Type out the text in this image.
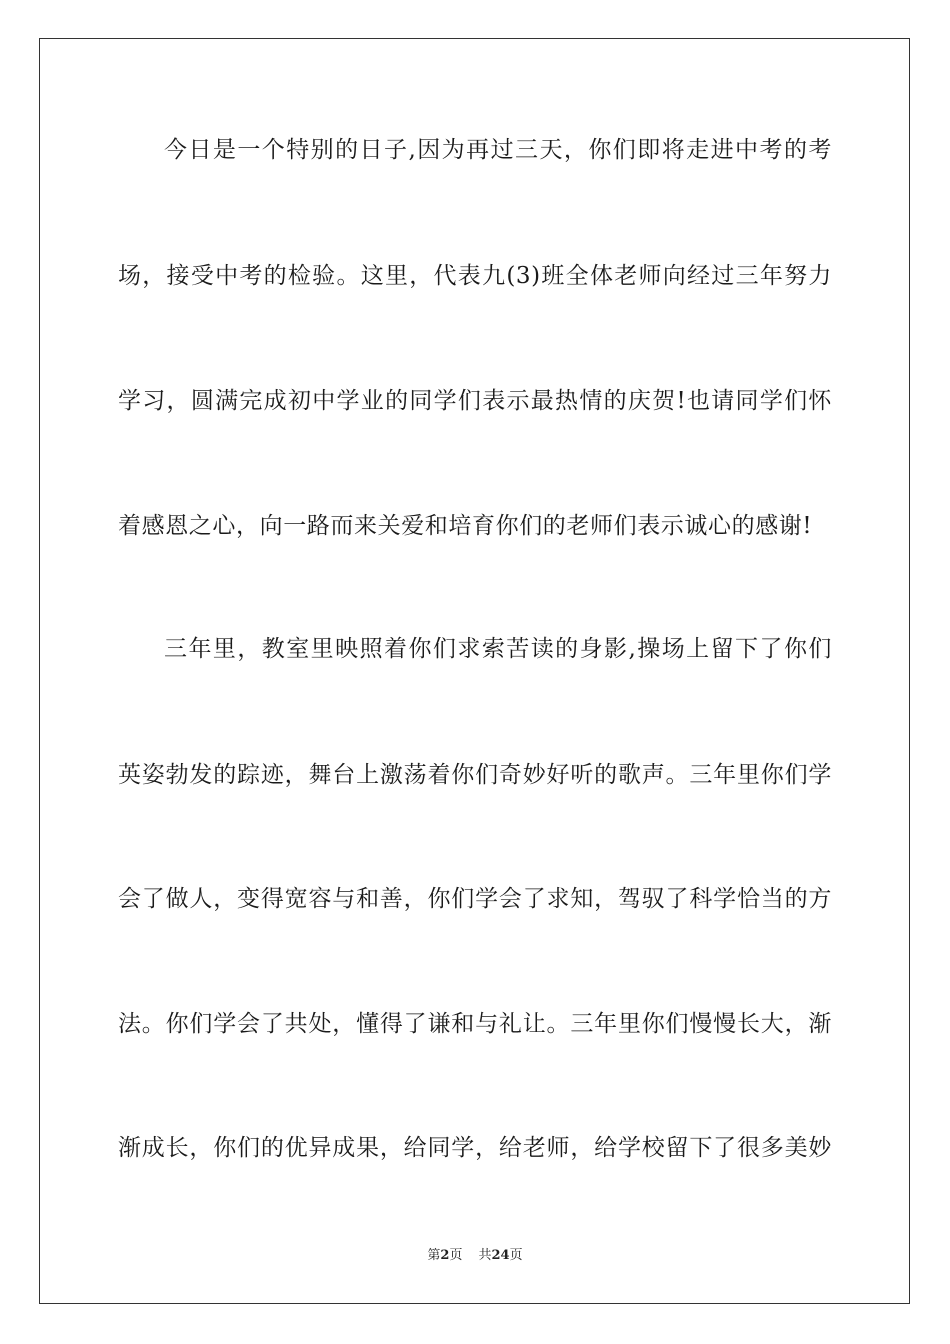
今日是一个特别的日子,因为再过三天，你们即将走进中考的考
场，接受中考的检验。这里，代表九(3)班全体老师向经过三年努力
学习，圆满完成初中学业的同学们表示最热情的庆贺!也请同学们怀
着感恩之心，向一路而来关爱和培育你们的老师们表示诚心的感谢!
三年里，教室里映照着你们求索苦读的身影,操场上留下了你们
英姿勃发的踪迹，舞台上激荡着你们奇妙好听的歌声。三年里你们学
会了做人，变得宽容与和善，你们学会了求知，驾驭了科学恰当的方
法。你们学会了共处，懂得了谦和与礼让。三年里你们慢慢长大，渐
渐成长，你们的优异成果，给同学，给老师，给学校留下了很多美妙
第2页 共24页
